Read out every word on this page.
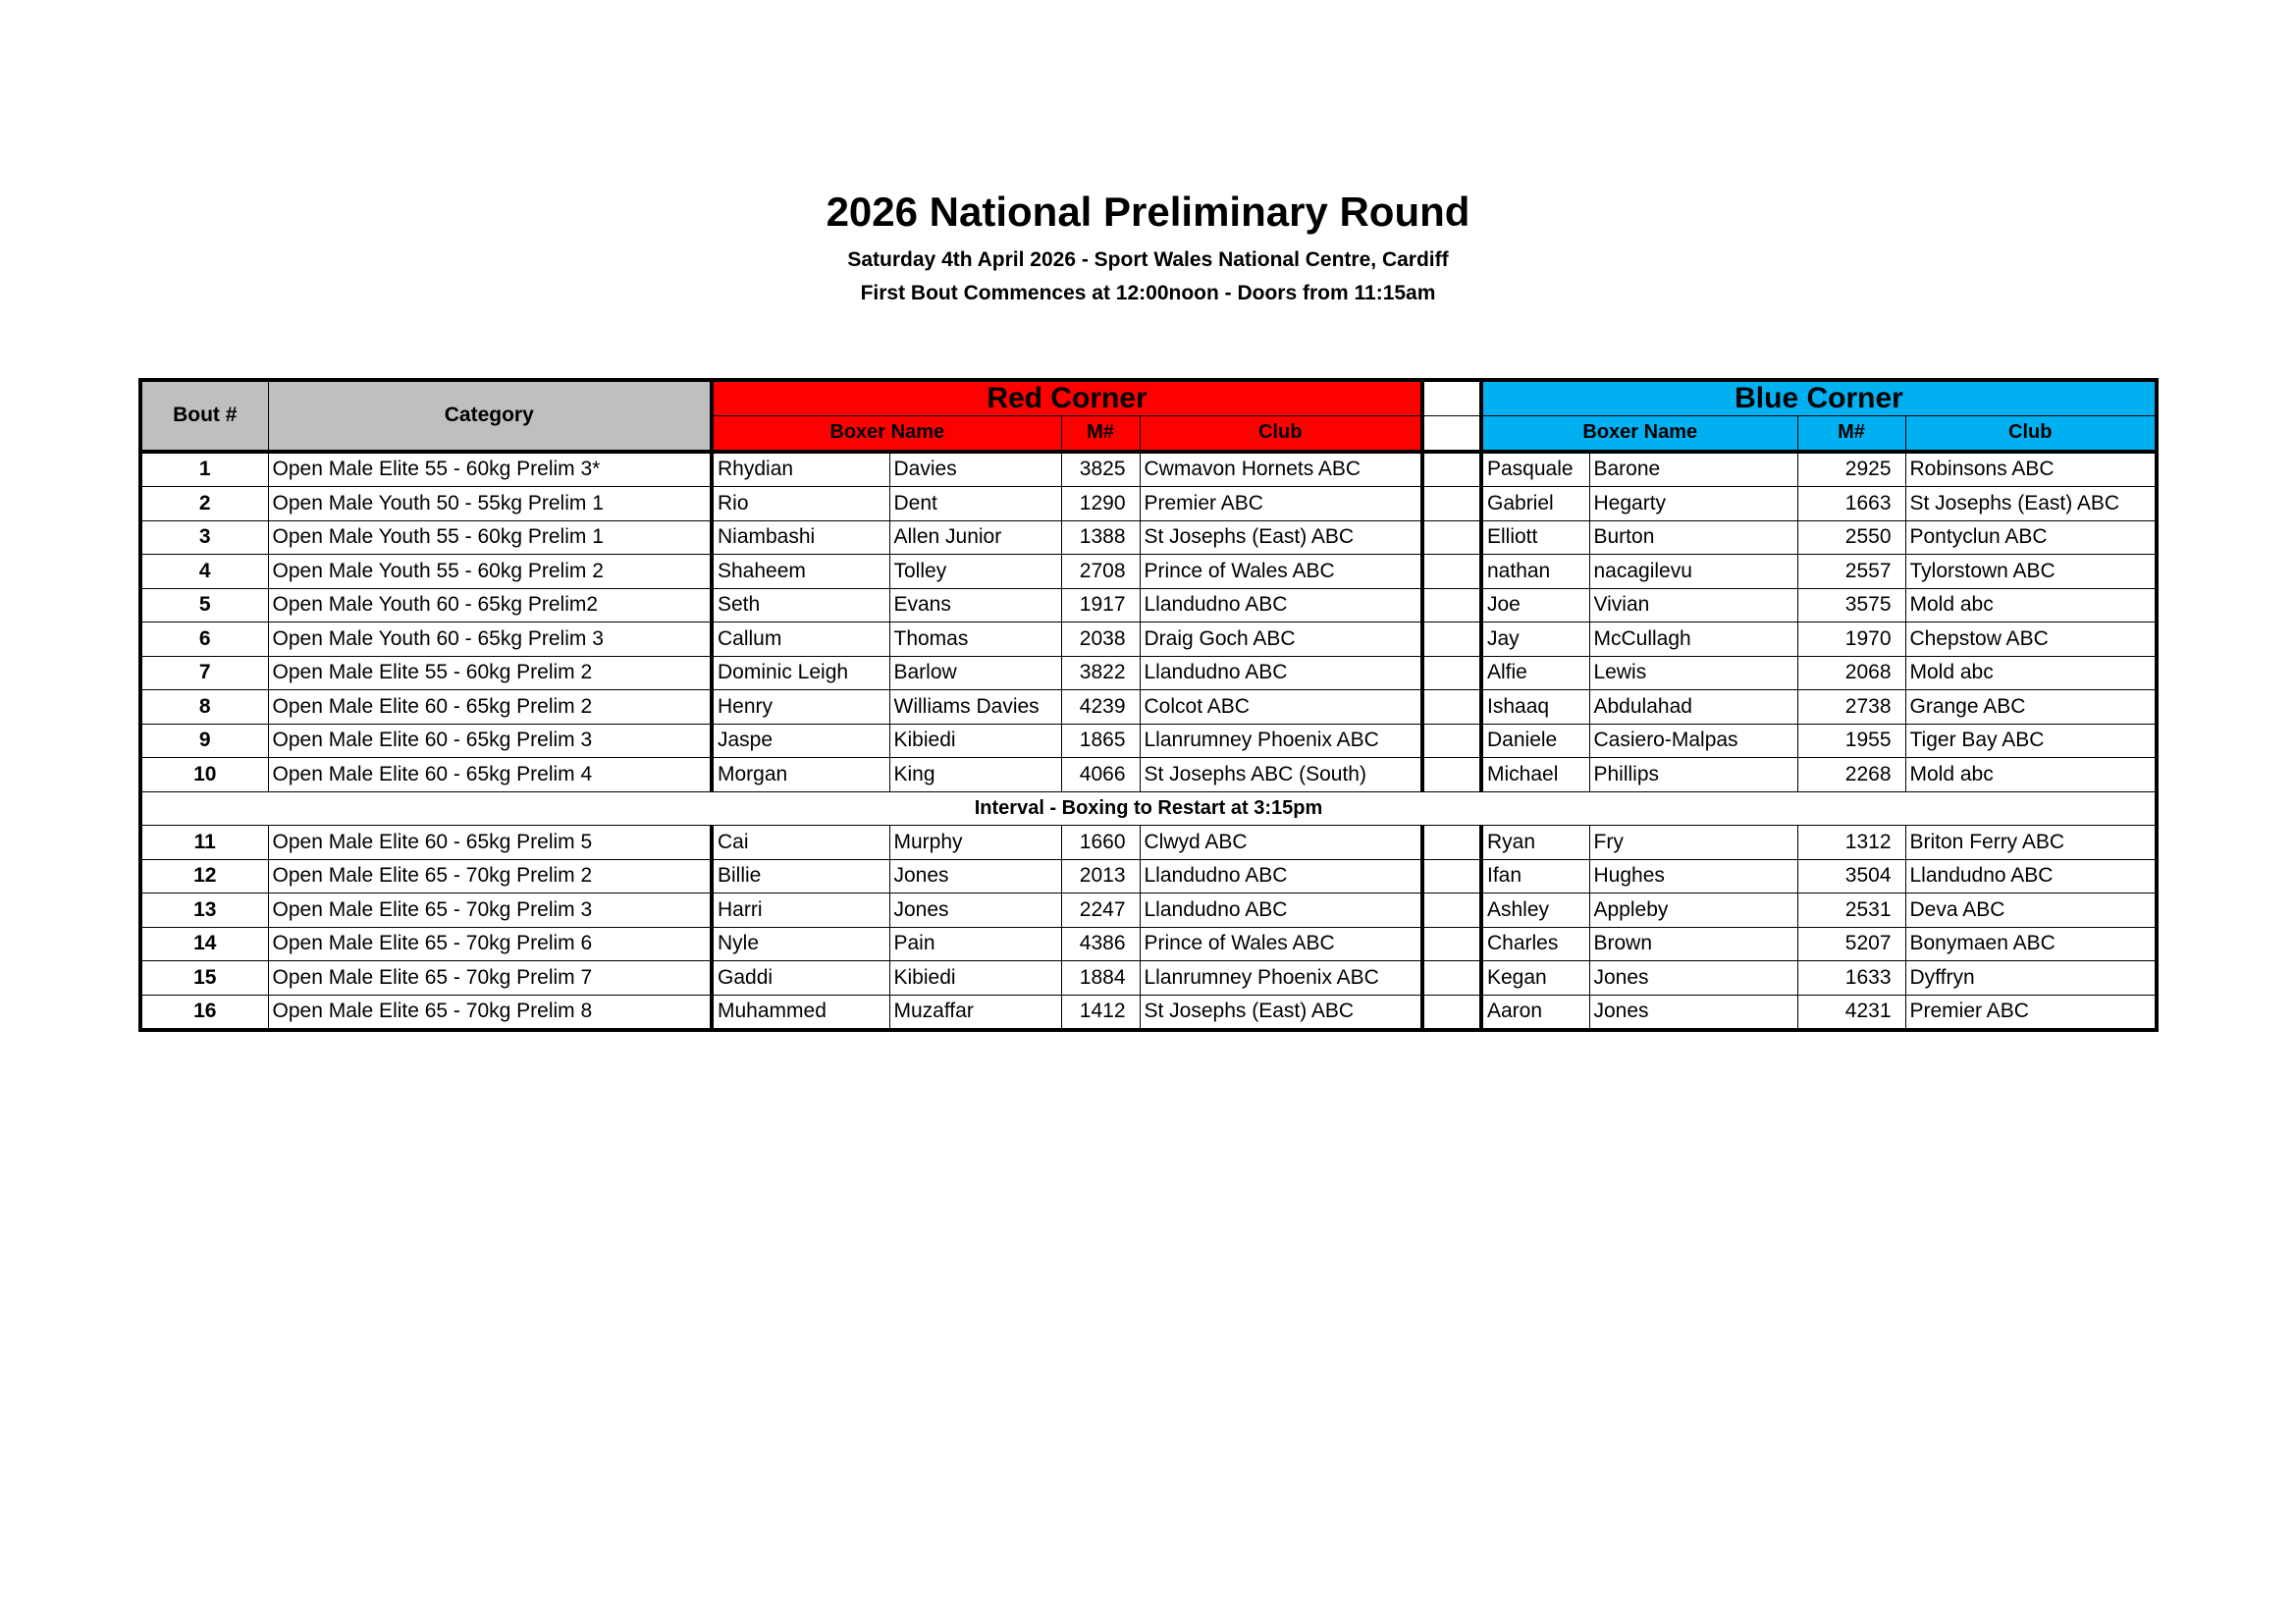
2026 National Preliminary Round
Saturday 4th April 2026 - Sport Wales National Centre, Cardiff
First Bout Commences at 12:00noon - Doors from 11:15am
Bout #	Category	Red Corner					Blue Corner			
		Boxer Name		M#	Club		Boxer Name		M#	Club
1	Open Male Elite 55 - 60kg Prelim 3*	Rhydian	Davies	3825	Cwmavon Hornets ABC		Pasquale	Barone	2925	Robinsons ABC
2	Open Male Youth 50 - 55kg Prelim 1	Rio	Dent	1290	Premier ABC		Gabriel	Hegarty	1663	St Josephs (East) ABC
3	Open Male Youth 55 - 60kg Prelim 1	Niambashi	Allen Junior	1388	St Josephs (East) ABC		Elliott	Burton	2550	Pontyclun ABC
4	Open Male Youth 55 - 60kg Prelim 2	Shaheem	Tolley	2708	Prince of Wales ABC		nathan	nacagilevu	2557	Tylorstown ABC
5	Open Male Youth 60 - 65kg Prelim2	Seth	Evans	1917	Llandudno ABC		Joe	Vivian	3575	Mold abc
6	Open Male Youth 60 - 65kg Prelim 3	Callum	Thomas	2038	Draig Goch ABC		Jay	McCullagh	1970	Chepstow ABC
7	Open Male Elite 55 - 60kg Prelim 2	Dominic Leigh	Barlow	3822	Llandudno ABC		Alfie	Lewis	2068	Mold abc
8	Open Male Elite 60 - 65kg Prelim 2	Henry	Williams Davies	4239	Colcot ABC		Ishaaq	Abdulahad	2738	Grange ABC
9	Open Male Elite 60 - 65kg Prelim 3	Jaspe	Kibiedi	1865	Llanrumney Phoenix ABC		Daniele	Casiero-Malpas	1955	Tiger Bay ABC
10	Open Male Elite 60 - 65kg Prelim 4	Morgan	King	4066	St Josephs ABC (South)		Michael	Phillips	2268	Mold abc
Interval - Boxing to Restart at 3:15pm										
11	Open Male Elite 60 - 65kg Prelim 5	Cai	Murphy	1660	Clwyd ABC		Ryan	Fry	1312	Briton Ferry ABC
12	Open Male Elite 65 - 70kg Prelim 2	Billie	Jones	2013	Llandudno ABC		Ifan	Hughes	3504	Llandudno ABC
13	Open Male Elite 65 - 70kg Prelim 3	Harri	Jones	2247	Llandudno ABC		Ashley	Appleby	2531	Deva ABC
14	Open Male Elite 65 - 70kg Prelim 6	Nyle	Pain	4386	Prince of Wales ABC		Charles	Brown	5207	Bonymaen ABC
15	Open Male Elite 65 - 70kg Prelim 7	Gaddi	Kibiedi	1884	Llanrumney Phoenix ABC		Kegan	Jones	1633	Dyffryn
16	Open Male Elite 65 - 70kg Prelim 8	Muhammed	Muzaffar	1412	St Josephs (East) ABC		Aaron	Jones	4231	Premier ABC
